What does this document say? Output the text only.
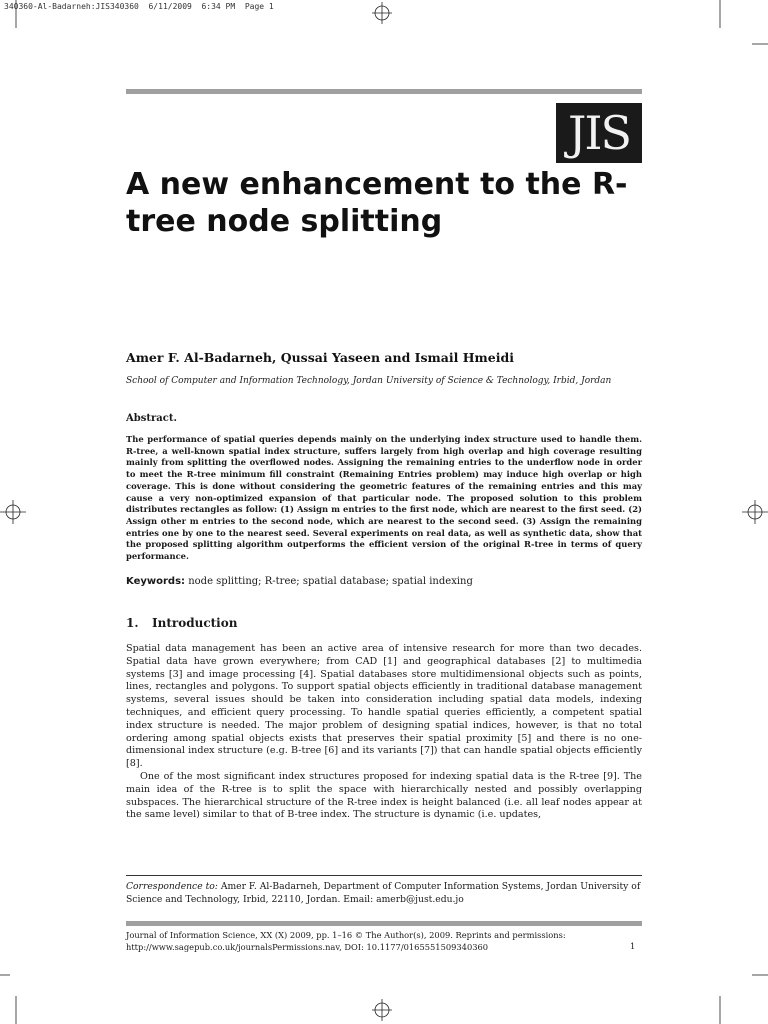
340360-Al-Badarneh:JIS340360  6/11/2009  6:34 PM  Page 1
JIS
A new enhancement to the R-tree node splitting
Amer F. Al-Badarneh, Qussai Yaseen and Ismail Hmeidi
School of Computer and Information Technology, Jordan University of Science & Technology, Irbid, Jordan
Abstract.
The performance of spatial queries depends mainly on the underlying index structure used to handle them. R-tree, a well-known spatial index structure, suffers largely from high overlap and high coverage resulting mainly from splitting the overflowed nodes. Assigning the remaining entries to the underflow node in order to meet the R-tree minimum fill constraint (Remaining Entries problem) may induce high overlap or high coverage. This is done without considering the geometric features of the remaining entries and this may cause a very non-optimized expansion of that particular node. The proposed solution to this problem distributes rectangles as follow: (1) Assign m entries to the first node, which are nearest to the first seed. (2) Assign other m entries to the second node, which are nearest to the second seed. (3) Assign the remaining entries one by one to the nearest seed. Several experiments on real data, as well as synthetic data, show that the proposed splitting algorithm outperforms the efficient version of the original R-tree in terms of query performance.
Keywords: node splitting; R-tree; spatial database; spatial indexing
1. Introduction

Spatial data management has been an active area of intensive research for more than two decades. Spatial data have grown everywhere; from CAD [1] and geographical databases [2] to multimedia systems [3] and image processing [4]. Spatial databases store multidimensional objects such as points, lines, rectangles and polygons. To support spatial objects efficiently in traditional database management systems, several issues should be taken into consideration including spatial data models, indexing techniques, and efficient query processing. To handle spatial queries efficiently, a competent spatial index structure is needed. The major problem of designing spatial indices, however, is that no total ordering among spatial objects exists that preserves their spatial proximity [5] and there is no one-dimensional index structure (e.g. B-tree [6] and its variants [7]) that can handle spatial objects efficiently [8].

One of the most significant index structures proposed for indexing spatial data is the R-tree [9]. The main idea of the R-tree is to split the space with hierarchically nested and possibly overlapping subspaces. The hierarchical structure of the R-tree index is height balanced (i.e. all leaf nodes appear at the same level) similar to that of B-tree index. The structure is dynamic (i.e. updates,

Correspondence to: Amer F. Al-Badarneh, Department of Computer Information Systems, Jordan University of Science and Technology, Irbid, 22110, Jordan. Email: amerb@just.edu.jo
Journal of Information Science, XX (X) 2009, pp. 1–16 © The Author(s), 2009. Reprints and permissions:
http://www.sagepub.co.uk/journalsPermissions.nav, DOI: 10.1177/0165551509340360	1
